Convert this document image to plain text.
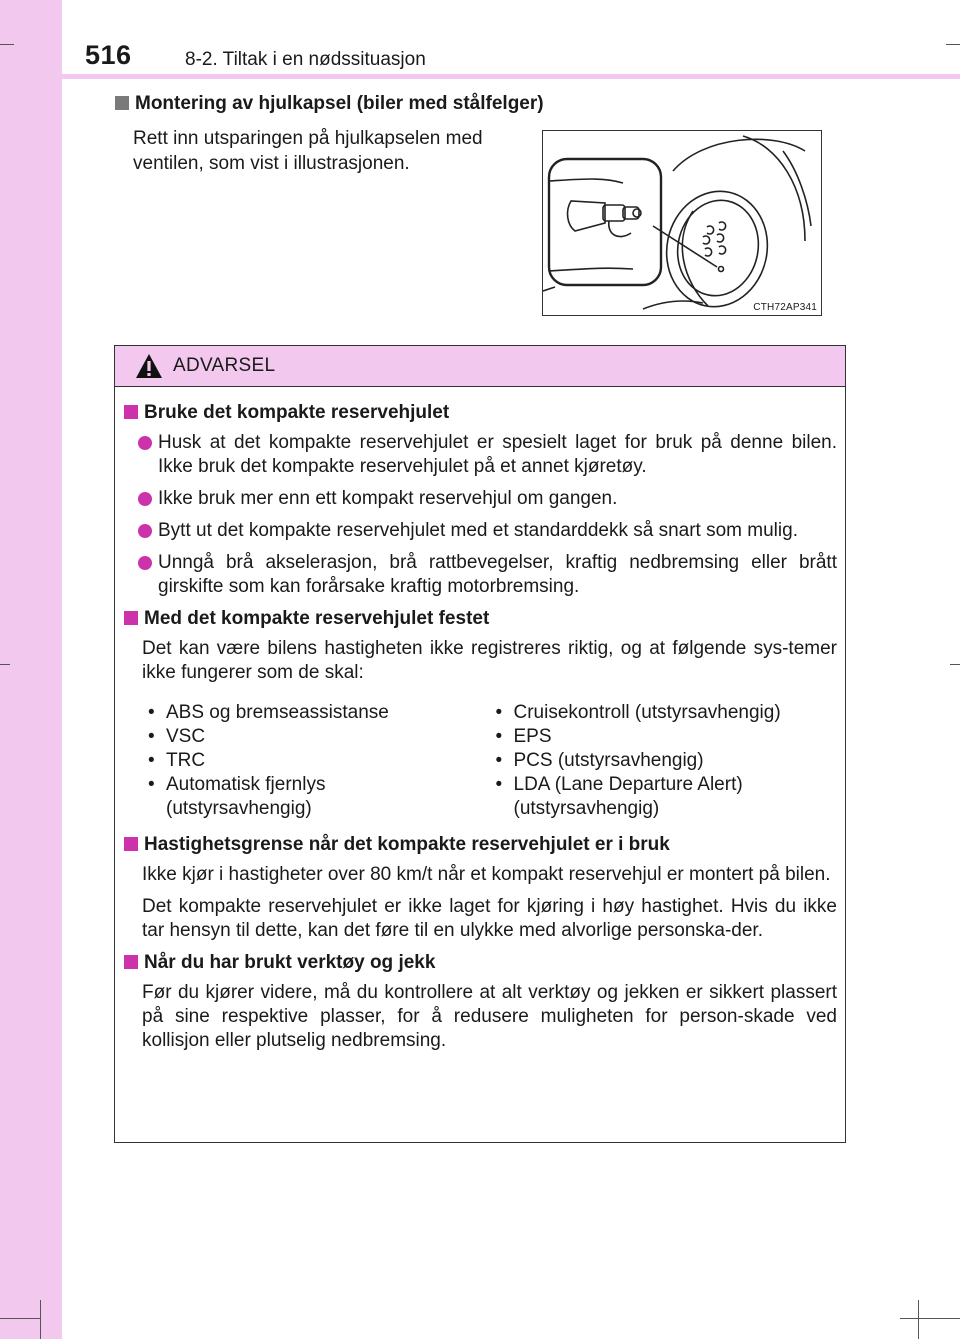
516	8-2. Tiltak i en nødssituasjon
Montering av hjulkapsel (biler med stålfelger)
Rett inn utsparingen på hjulkapselen med ventilen, som vist i illustrasjonen.
CTH72AP341
ADVARSEL
Bruke det kompakte reservehjulet
Husk at det kompakte reservehjulet er spesielt laget for bruk på denne bilen. Ikke bruk det kompakte reservehjulet på et annet kjøretøy.
Ikke bruk mer enn ett kompakt reservehjul om gangen.
Bytt ut det kompakte reservehjulet med et standarddekk så snart som mulig.
Unngå brå akselerasjon, brå rattbevegelser, kraftig nedbremsing eller brått girskifte som kan forårsake kraftig motorbremsing.
Med det kompakte reservehjulet festet
Det kan være bilens hastigheten ikke registreres riktig, og at følgende sys-temer ikke fungerer som de skal:
• ABS og bremseassistanse
• VSC
• TRC
• Automatisk fjernlys (utstyrsavhengig)
• Cruisekontroll (utstyrsavhengig)
• EPS
• PCS (utstyrsavhengig)
• LDA (Lane Departure Alert) (utstyrsavhengig)
Hastighetsgrense når det kompakte reservehjulet er i bruk
Ikke kjør i hastigheter over 80 km/t når et kompakt reservehjul er montert på bilen.
Det kompakte reservehjulet er ikke laget for kjøring i høy hastighet. Hvis du ikke tar hensyn til dette, kan det føre til en ulykke med alvorlige personska-der.
Når du har brukt verktøy og jekk
Før du kjører videre, må du kontrollere at alt verktøy og jekken er sikkert plassert på sine respektive plasser, for å redusere muligheten for person-skade ved kollisjon eller plutselig nedbremsing.
